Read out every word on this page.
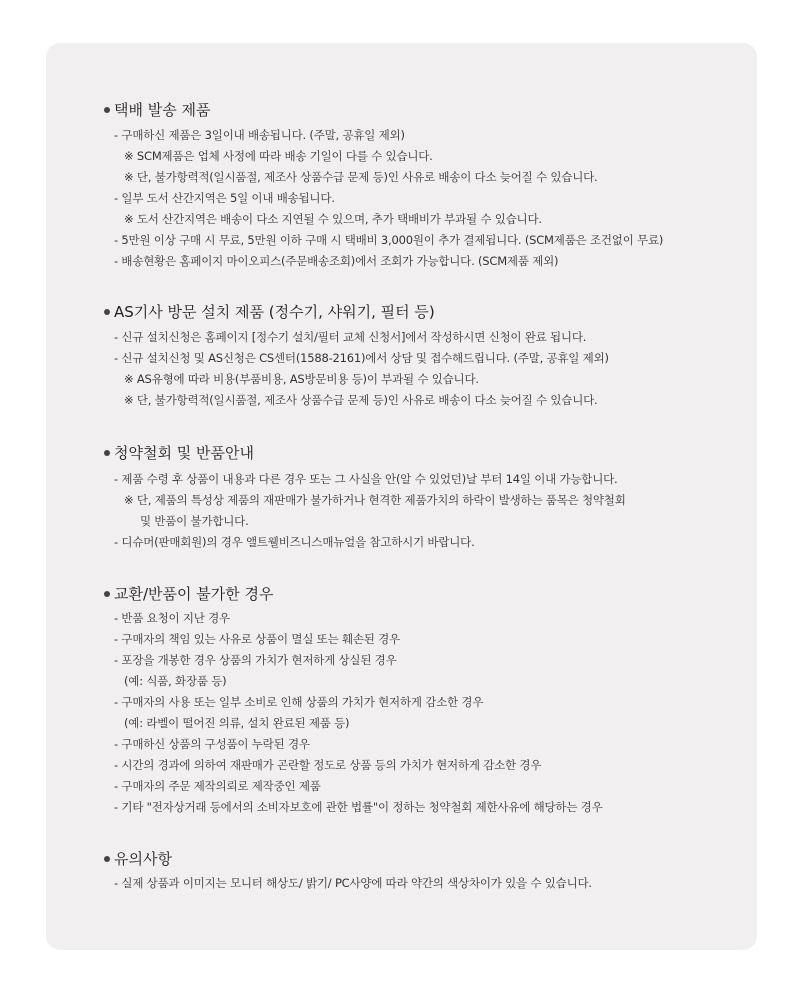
택배 발송 제품
- 구매하신 제품은 3일이내 배송됩니다. (주말, 공휴일 제외)
※ SCM제품은 업체 사정에 따라 배송 기일이 다를 수 있습니다.
※ 단, 불가항력적(일시품절, 제조사 상품수급 문제 등)인 사유로 배송이 다소 늦어질 수 있습니다.
- 일부 도서 산간지역은 5일 이내 배송됩니다.
※ 도서 산간지역은 배송이 다소 지연될 수 있으며, 추가 택배비가 부과될 수 있습니다.
- 5만원 이상 구매 시 무료, 5만원 이하 구매 시 택배비 3,000원이 추가 결제됩니다. (SCM제품은 조건없이 무료)
- 배송현황은 홈페이지 마이오피스(주문배송조회)에서 조회가 가능합니다. (SCM제품 제외)
AS기사 방문 설치 제품 (정수기, 샤워기, 필터 등)
- 신규 설치신청은 홈페이지 [정수기 설치/필터 교체 신청서]에서 작성하시면 신청이 완료 됩니다.
- 신규 설치신청 및 AS신청은 CS센터(1588-2161)에서 상담 및 접수해드립니다. (주말, 공휴일 제외)
※ AS유형에 따라 비용(부품비용, AS방문비용 등)이 부과될 수 있습니다.
※ 단, 불가항력적(일시품절, 제조사 상품수급 문제 등)인 사유로 배송이 다소 늦어질 수 있습니다.
청약철회 및 반품안내
- 제품 수령 후 상품이 내용과 다른 경우 또는 그 사실을 안(알 수 있었던)날 부터 14일 이내 가능합니다.
※ 단, 제품의 특성상 제품의 재판매가 불가하거나 현격한 제품가치의 하락이 발생하는 품목은 청약철회
및 반품이 불가합니다.
- 디슈머(판매회원)의 경우 앨트웰비즈니스매뉴얼을 참고하시기 바랍니다.
교환/반품이 불가한 경우
- 반품 요청이 지난 경우
- 구매자의 책임 있는 사유로 상품이 멸실 또는 훼손된 경우
- 포장을 개봉한 경우 상품의 가치가 현저하게 상실된 경우
(예: 식품, 화장품 등)
- 구매자의 사용 또는 일부 소비로 인해 상품의 가치가 현저하게 감소한 경우
(예: 라벨이 떨어진 의류, 설치 완료된 제품 등)
- 구매하신 상품의 구성품이 누락된 경우
- 시간의 경과에 의하여 재판매가 곤란할 정도로 상품 등의 가치가 현저하게 감소한 경우
- 구매자의 주문 제작의뢰로 제작중인 제품
- 기타 "전자상거래 등에서의 소비자보호에 관한 법률"이 정하는 청약철회 제한사유에 해당하는 경우
유의사항
- 실제 상품과 이미지는 모니터 해상도/ 밝기/ PC사양에 따라 약간의 색상차이가 있을 수 있습니다.
